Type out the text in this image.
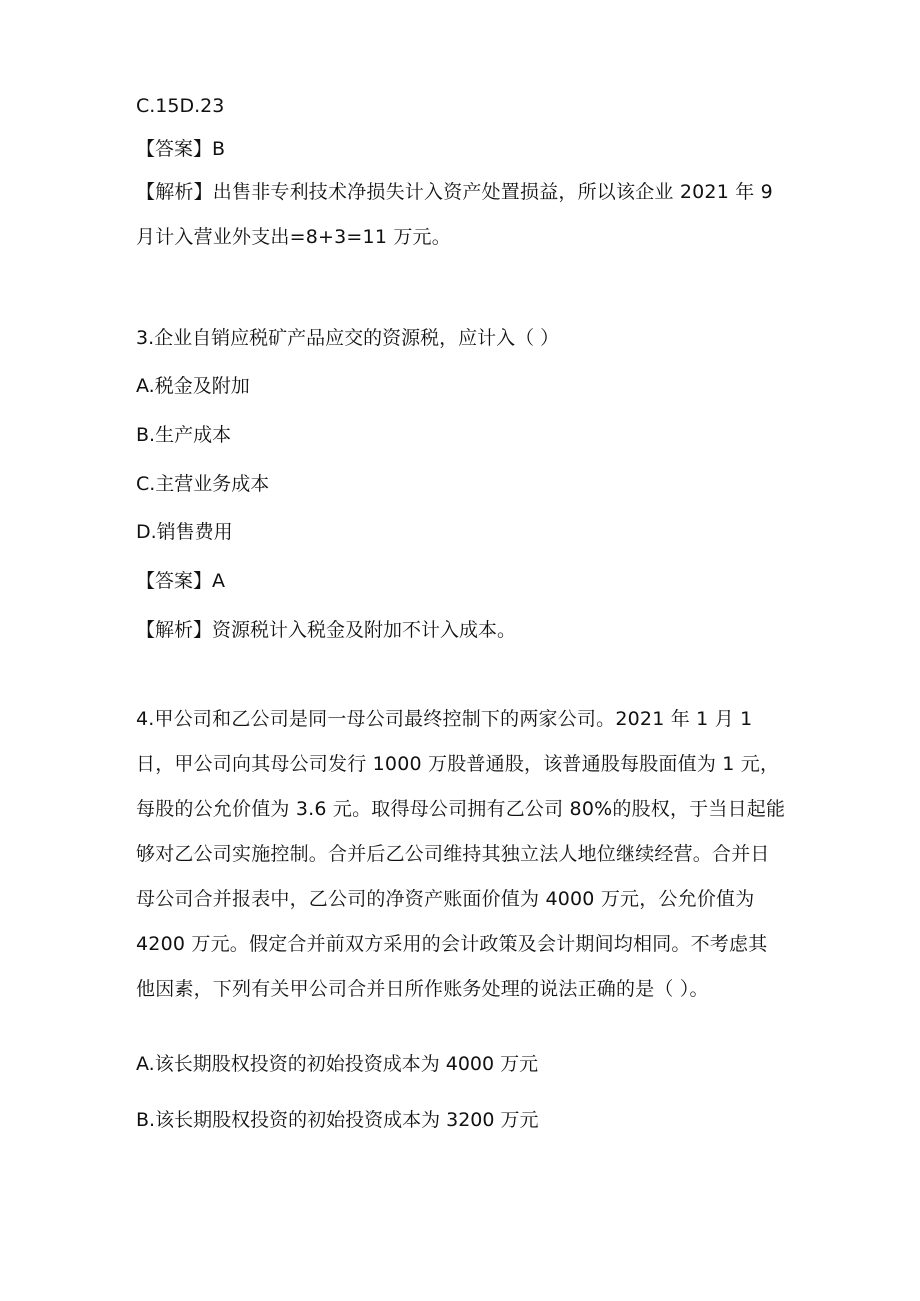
C.15D.23
【答案】B
【解析】出售非专利技术净损失计入资产处置损益，所以该企业 2021 年 9 月计入营业外支出=8+3=11 万元。
3.企业自销应税矿产品应交的资源税，应计入（ ）
A.税金及附加
B.生产成本
C.主营业务成本
D.销售费用
【答案】A
【解析】资源税计入税金及附加不计入成本。
4.甲公司和乙公司是同一母公司最终控制下的两家公司。2021 年 1 月 1 日，甲公司向其母公司发行 1000 万股普通股，该普通股每股面值为 1 元，每股的公允价值为 3.6 元。取得母公司拥有乙公司 80%的股权，于当日起能够对乙公司实施控制。合并后乙公司维持其独立法人地位继续经营。合并日母公司合并报表中，乙公司的净资产账面价值为 4000 万元，公允价值为 4200 万元。假定合并前双方采用的会计政策及会计期间均相同。不考虑其他因素，下列有关甲公司合并日所作账务处理的说法正确的是（ ）。
A.该长期股权投资的初始投资成本为 4000 万元
B.该长期股权投资的初始投资成本为 3200 万元
